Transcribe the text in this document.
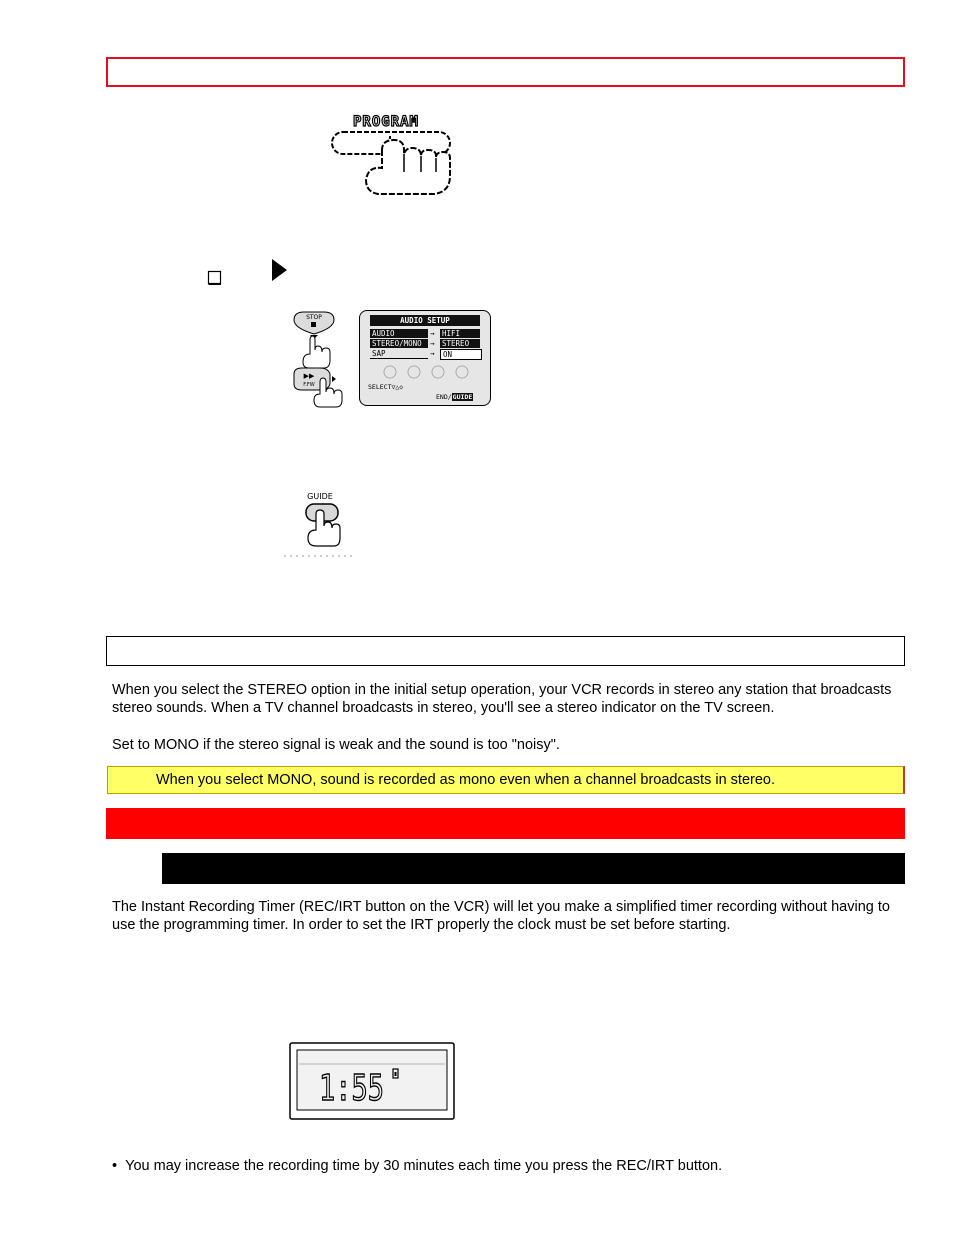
PROGRAM
STOP
▶▶
F.FW
AUDIO SETUP
AUDIO	→ HIFI
STEREO/MONO	→ STEREO
SAP	→	ON
SELECT▽△◇
END/GUIDE
GUIDE
When you select the STEREO option in the initial setup operation, your VCR records in stereo any station that broadcasts stereo sounds. When a TV channel broadcasts in stereo, you'll see a stereo indicator on the TV screen.
Set to MONO if the stereo signal is weak and the sound is too "noisy".
When you select MONO, sound is recorded as mono even when a channel broadcasts in stereo.
The Instant Recording Timer (REC/IRT button on the VCR) will let you make a simplified timer recording without having to use the programming timer. In order to set the IRT properly the clock must be set before starting.
1:55
•  You may increase the recording time by 30 minutes each time you press the REC/IRT button.
